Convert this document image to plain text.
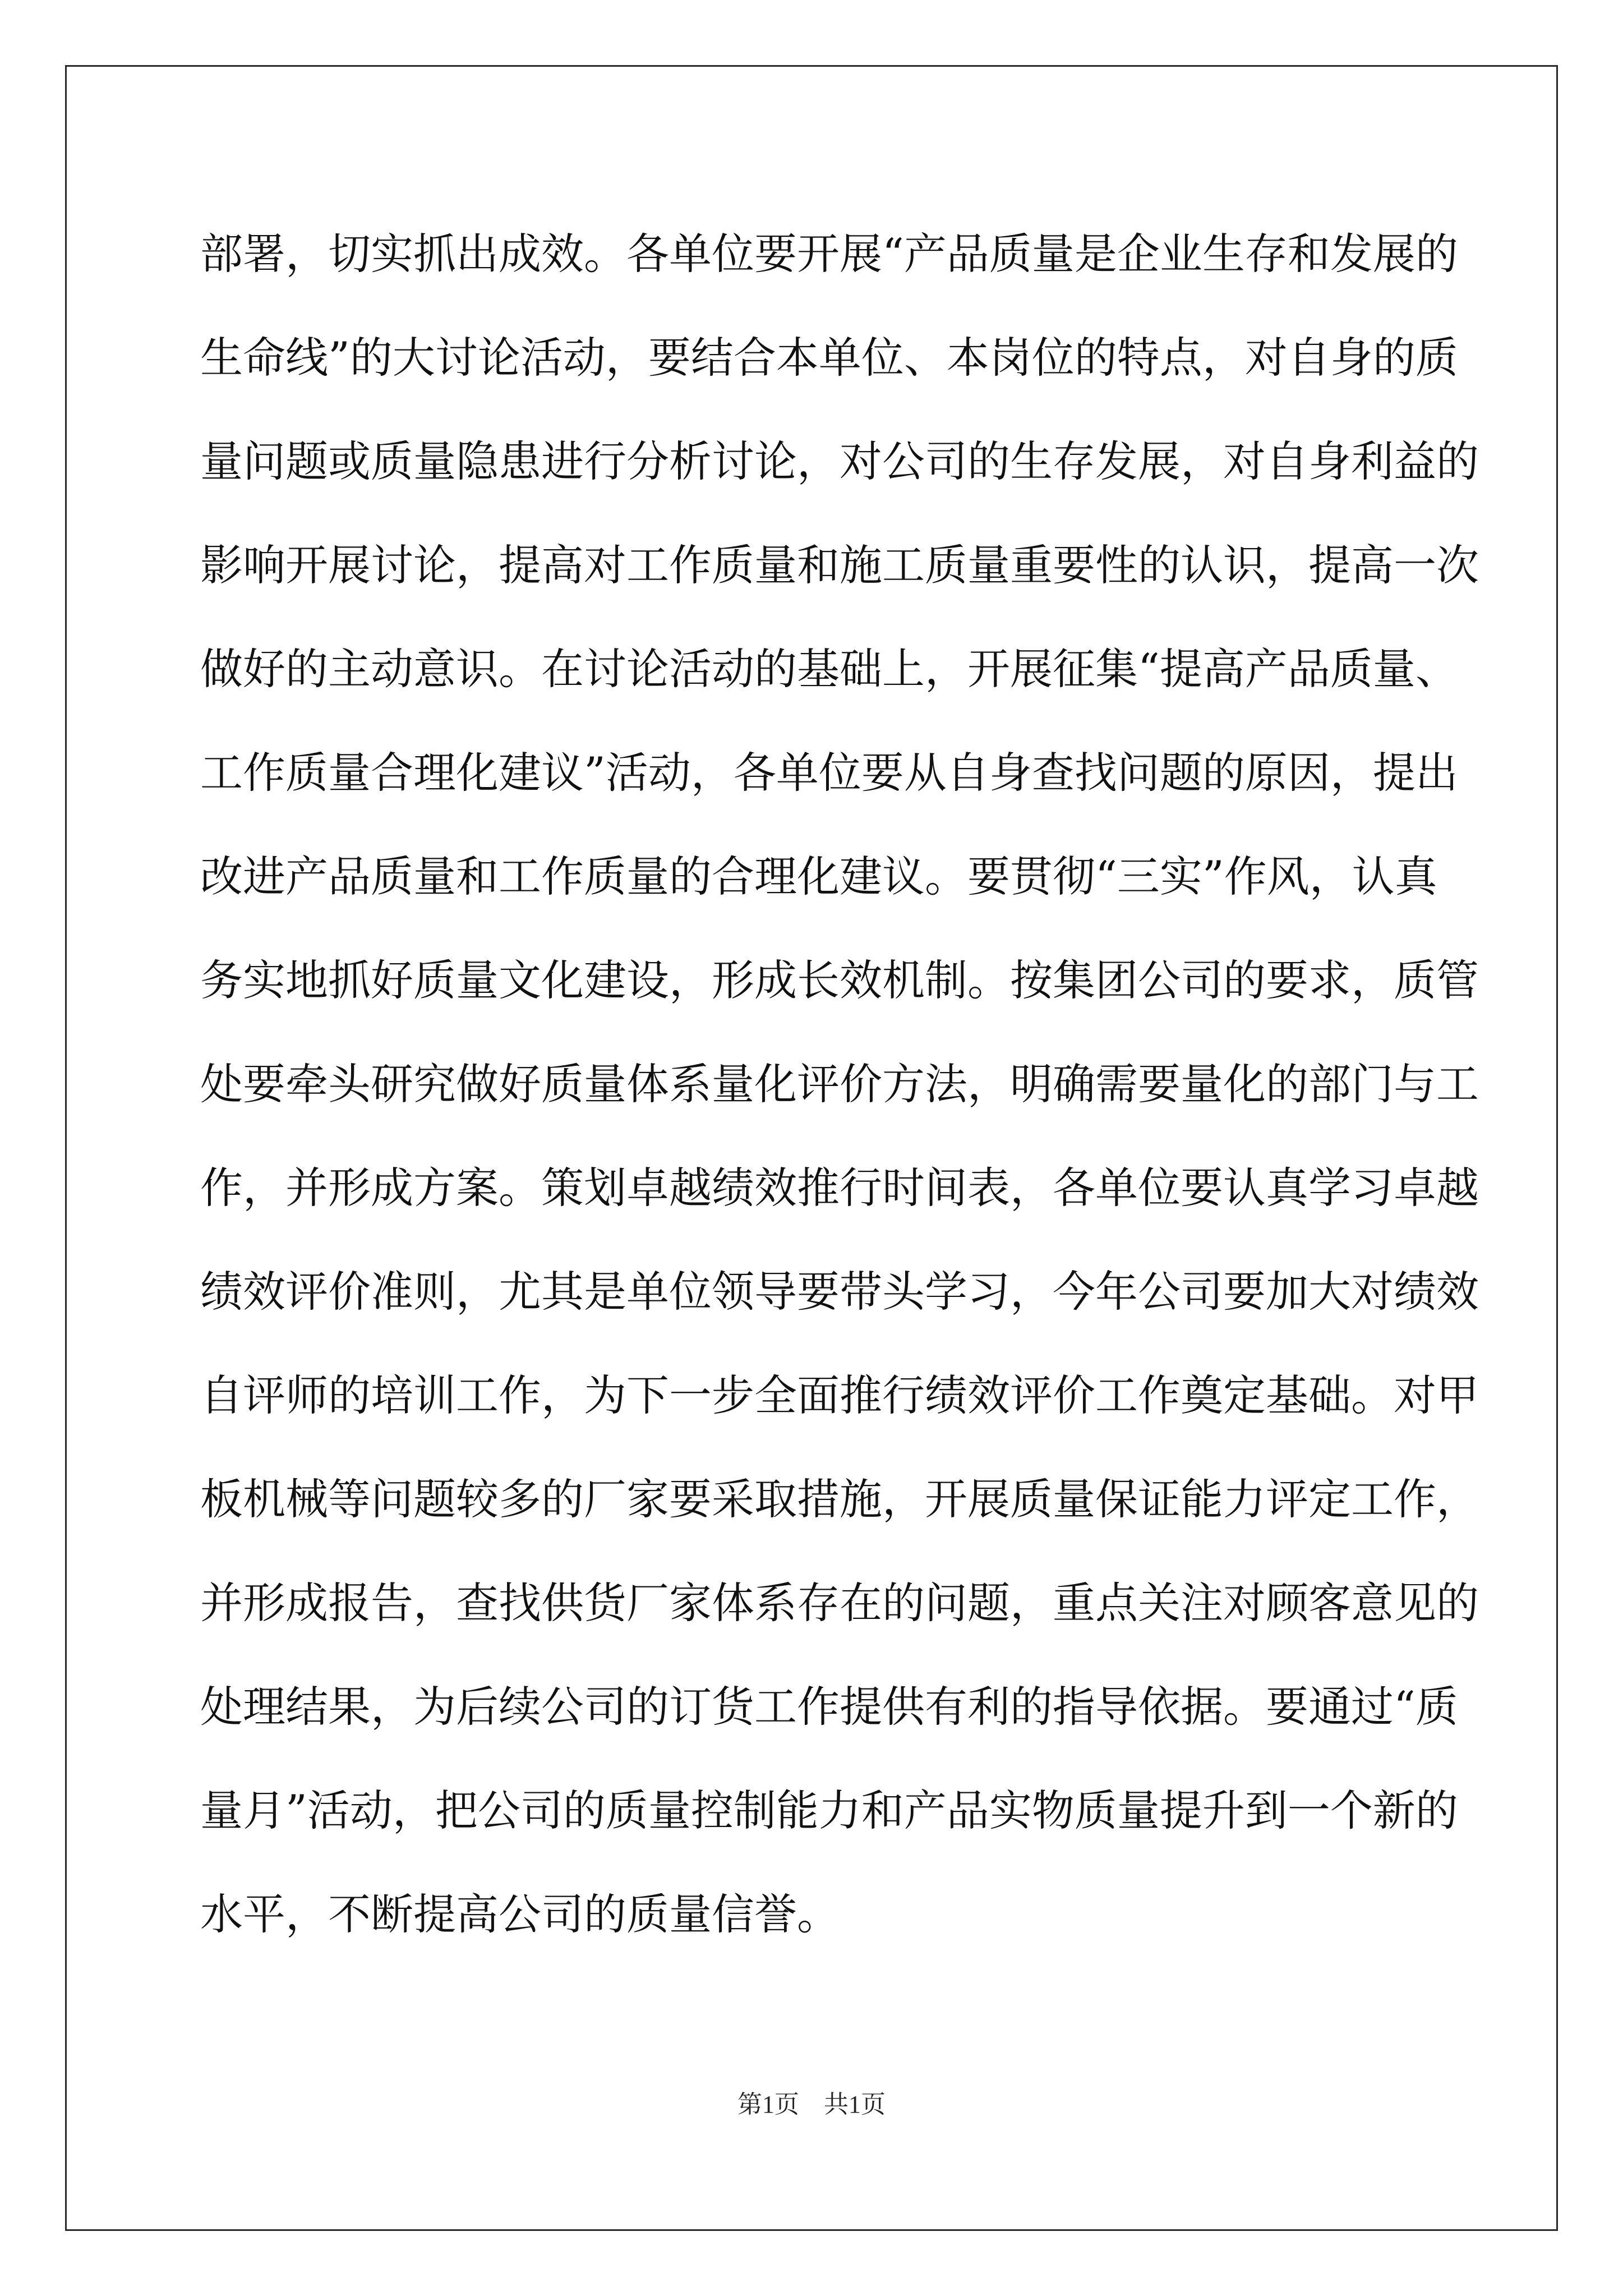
部署，切实抓出成效。各单位要开展“产品质量是企业生存和发展的
生命线”的大讨论活动，要结合本单位、本岗位的特点，对自身的质
量问题或质量隐患进行分析讨论，对公司的生存发展，对自身利益的
影响开展讨论，提高对工作质量和施工质量重要性的认识，提高一次
做好的主动意识。在讨论活动的基础上，开展征集“提高产品质量、
工作质量合理化建议”活动，各单位要从自身查找问题的原因，提出
改进产品质量和工作质量的合理化建议。要贯彻“三实”作风，认真
务实地抓好质量文化建设，形成长效机制。按集团公司的要求，质管
处要牵头研究做好质量体系量化评价方法，明确需要量化的部门与工
作，并形成方案。策划卓越绩效推行时间表，各单位要认真学习卓越
绩效评价准则，尤其是单位领导要带头学习，今年公司要加大对绩效
自评师的培训工作，为下一步全面推行绩效评价工作奠定基础。对甲
板机械等问题较多的厂家要采取措施，开展质量保证能力评定工作，
并形成报告，查找供货厂家体系存在的问题，重点关注对顾客意见的
处理结果，为后续公司的订货工作提供有利的指导依据。要通过“质
量月”活动，把公司的质量控制能力和产品实物质量提升到一个新的
水平，不断提高公司的质量信誉。
第1页　共1页
